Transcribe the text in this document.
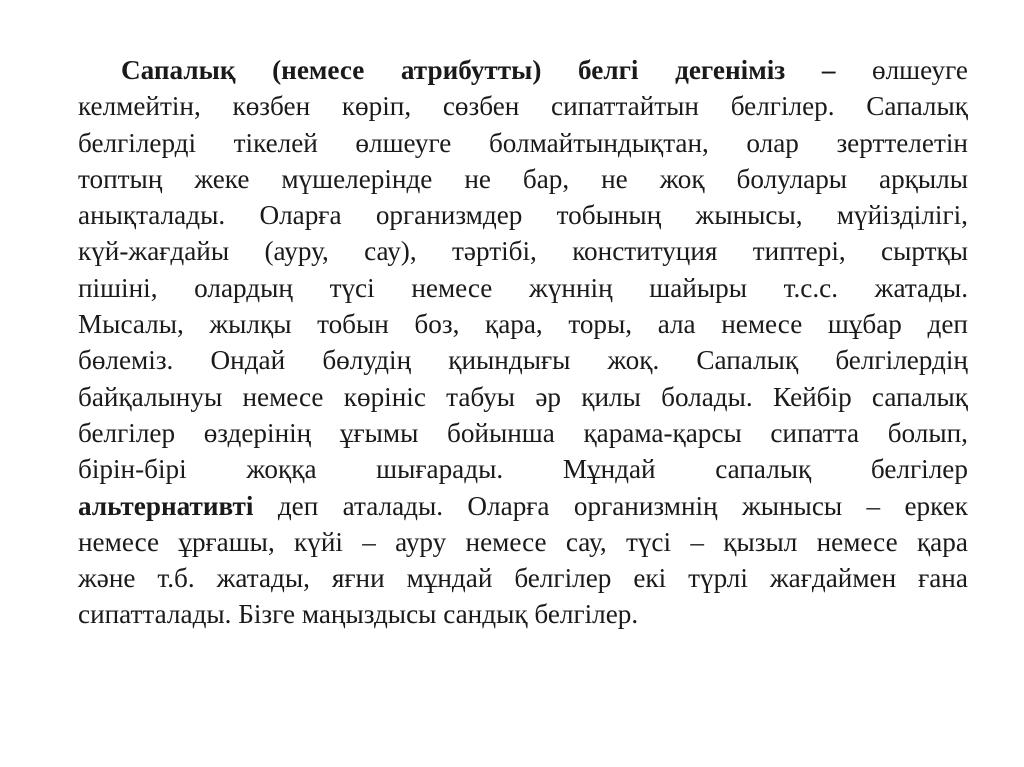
Сапалық (немесе атрибутты) белгі дегеніміз – өлшеуге
келмейтін, көзбен көріп, сөзбен сипаттайтын белгілер. Сапалық
белгілерді тікелей өлшеуге болмайтындықтан, олар зерттелетін
топтың жеке мүшелерінде не бар, не жоқ болулары арқылы
анықталады. Оларға организмдер тобының жынысы, мүйізділігі,
күй-жағдайы (ауру, сау), тәртібі, конституция типтері, сыртқы
пішіні, олардың түсі немесе жүннің шайыры т.с.с. жатады.
Мысалы, жылқы тобын боз, қара, торы, ала немесе шұбар деп
бөлеміз. Ондай бөлудің қиындығы жоқ. Сапалық белгілердің
байқалынуы немесе көрініс табуы әр қилы болады. Кейбір сапалық
белгілер өздерінің ұғымы бойынша қарама-қарсы сипатта болып,
бірін-бірі жоққа шығарады. Мұндай сапалық белгілер
альтернативті деп аталады. Оларға организмнің жынысы – еркек
немесе ұрғашы, күйі – ауру немесе сау, түсі – қызыл немесе қара
және т.б. жатады, яғни мұндай белгілер екі түрлі жағдаймен ғана
сипатталады. Бізге маңыздысы сандық белгілер.
